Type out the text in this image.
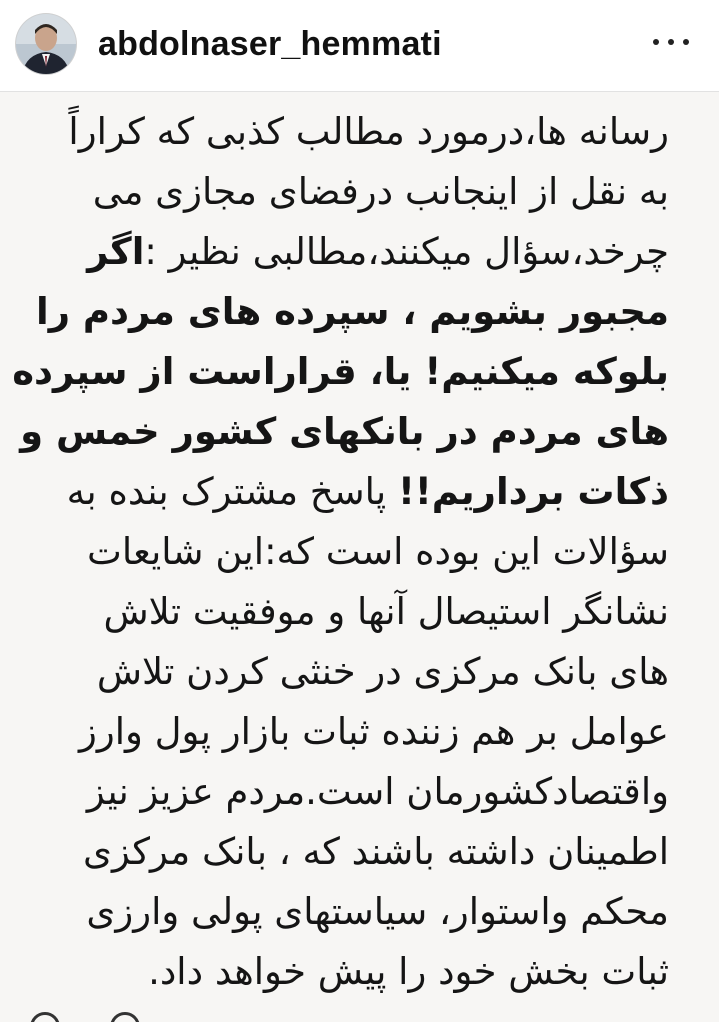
abdolnaser_hemmati

رسانه ها،درمورد مطالب کذبی که کراراً
به نقل از اینجانب درفضای مجازی می
چرخد،سؤال میکنند،مطالبی نظیر :اگر
مجبور بشویم ، سپرده های مردم را
بلوکه میکنیم! یا، قراراست از سپرده
های مردم در بانکهای کشور خمس و
ذکات برداریم!! پاسخ مشترک بنده به
سؤالات این بوده است که:این شایعات
نشانگر استیصال آنها و موفقیت تلاش
های بانک مرکزی در خنثی کردن تلاش
عوامل بر هم زننده ثبات بازار پول وارز
واقتصادکشورمان است.مردم عزیز نیز
اطمینان داشته باشند که ، بانک مرکزی
محکم واستوار، سیاستهای پولی وارزی
ثبات بخش خود را پیش خواهد داد.
